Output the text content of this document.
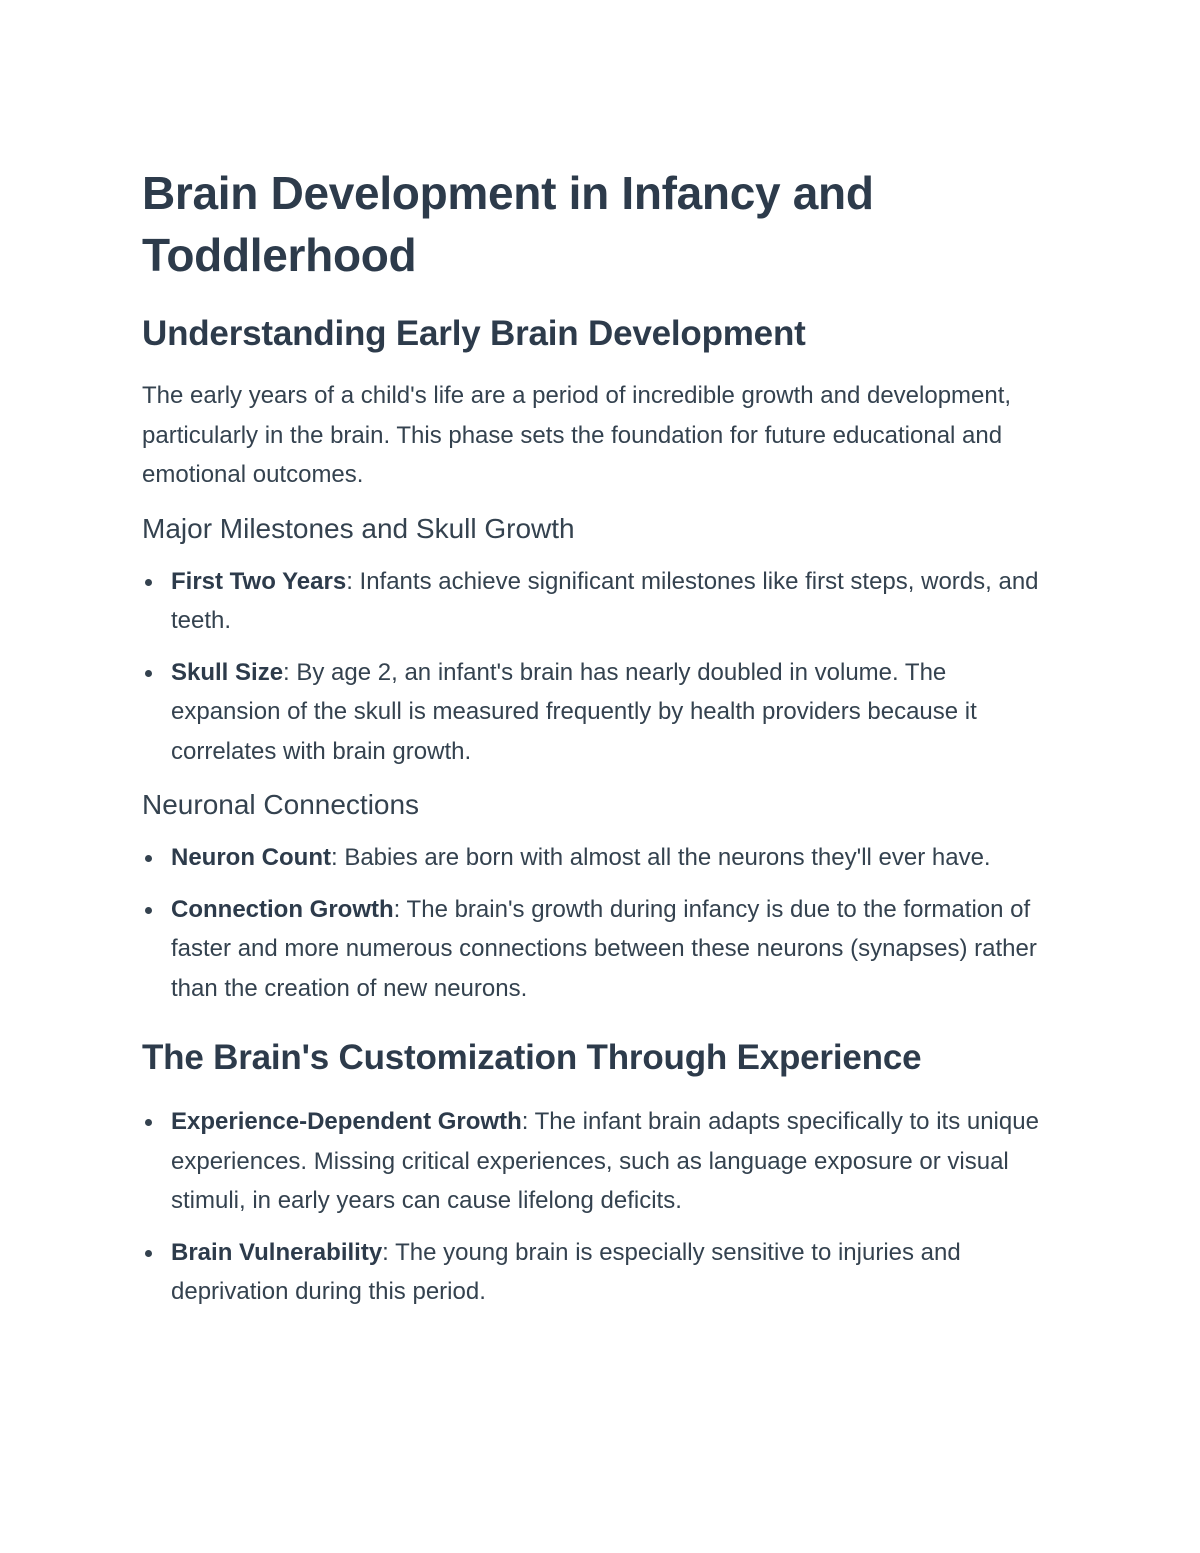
Brain Development in Infancy and Toddlerhood
Understanding Early Brain Development

The early years of a child's life are a period of incredible growth and development, particularly in the brain. This phase sets the foundation for future educational and emotional outcomes.

Major Milestones and Skull Growth
First Two Years: Infants achieve significant milestones like first steps, words, and teeth.
Skull Size: By age 2, an infant's brain has nearly doubled in volume. The expansion of the skull is measured frequently by health providers because it correlates with brain growth.
Neuronal Connections
Neuron Count: Babies are born with almost all the neurons they'll ever have.
Connection Growth: The brain's growth during infancy is due to the formation of faster and more numerous connections between these neurons (synapses) rather than the creation of new neurons.
The Brain's Customization Through Experience
Experience-Dependent Growth: The infant brain adapts specifically to its unique experiences. Missing critical experiences, such as language exposure or visual stimuli, in early years can cause lifelong deficits.
Brain Vulnerability: The young brain is especially sensitive to injuries and deprivation during this period.
